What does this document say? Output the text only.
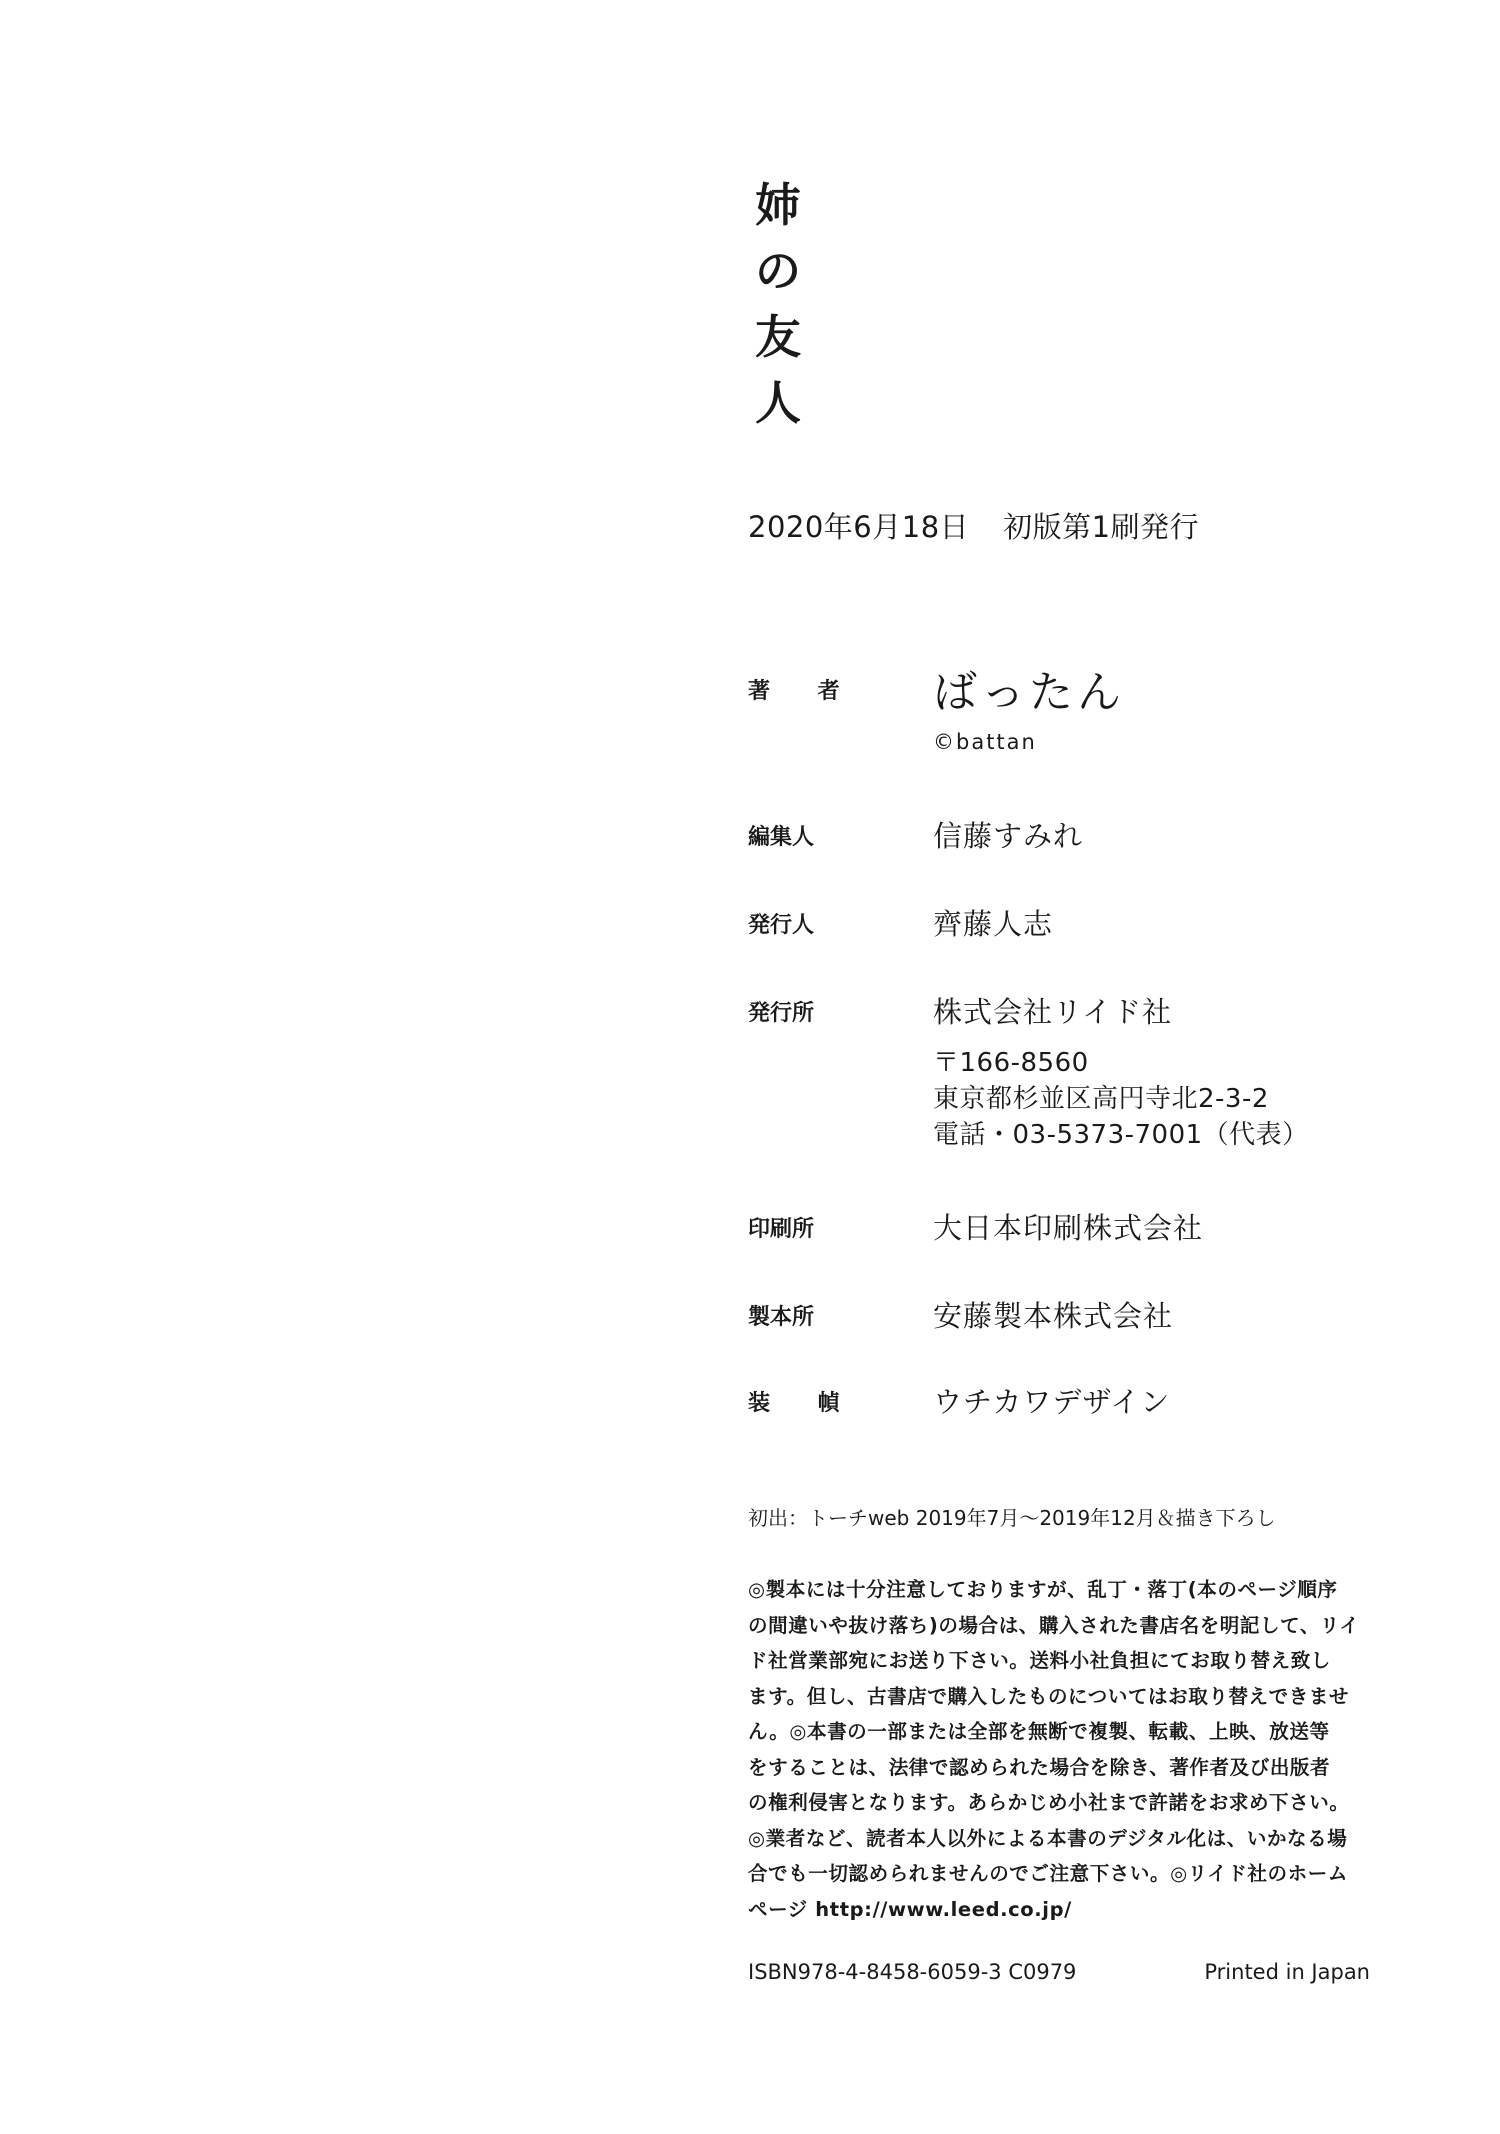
姉
の
友
人
2020年6月18日 初版第1刷発行
著 者 ばったん
©battan
編集人	信藤すみれ
発行人	齊藤人志
発行所	株式会社リイド社
〒166-8560
東京都杉並区高円寺北2-3-2
電話・03-5373-7001（代表）
印刷所	大日本印刷株式会社
製本所	安藤製本株式会社
装 幀	ウチカワデザイン
初出：トーチweb 2019年7月〜2019年12月＆描き下ろし
◎製本には十分注意しておりますが、乱丁・落丁(本のページ順序
の間違いや抜け落ち)の場合は、購入された書店名を明記して、リイ
ド社営業部宛にお送り下さい。送料小社負担にてお取り替え致し
ます。但し、古書店で購入したものについてはお取り替えできませ
ん。◎本書の一部または全部を無断で複製、転載、上映、放送等
をすることは、法律で認められた場合を除き、著作者及び出版者
の権利侵害となります。あらかじめ小社まで許諾をお求め下さい。
◎業者など、読者本人以外による本書のデジタル化は、いかなる場
合でも一切認められませんのでご注意下さい。◎リイド社のホーム
ページ http://www.leed.co.jp/
ISBN978-4-8458-6059-3 C0979	Printed in Japan
